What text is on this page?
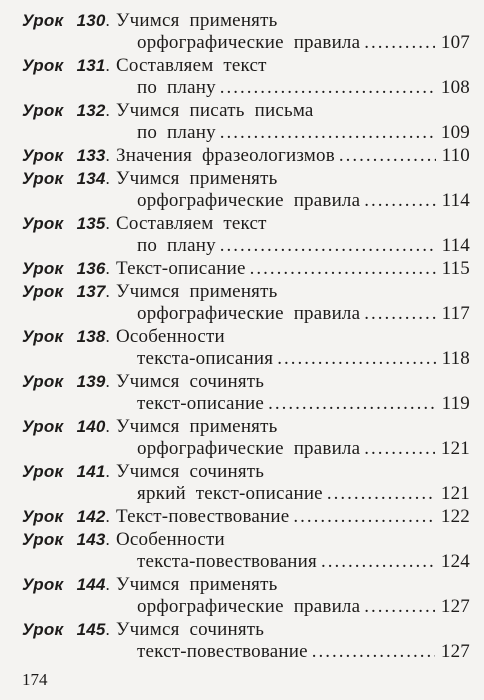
Урок 130. Учимся применять
орфографические правила .....	107
Урок 131. Составляем текст
по плану .....	108
Урок 132. Учимся писать письма
по плану .....	109
Урок 133. Значения фразеологизмов .....	110
Урок 134. Учимся применять
орфографические правила .....	114
Урок 135. Составляем текст
по плану .....	114
Урок 136. Текст-описание .....	115
Урок 137. Учимся применять
орфографические правила .....	117
Урок 138. Особенности
текста-описания .....	118
Урок 139. Учимся сочинять
текст-описание .....	119
Урок 140. Учимся применять
орфографические правила .....	121
Урок 141. Учимся сочинять
яркий текст-описание .....	121
Урок 142. Текст-повествование .....	122
Урок 143. Особенности
текста-повествования .....	124
Урок 144. Учимся применять
орфографические правила .....	127
Урок 145. Учимся сочинять
текст-повествование .....	127
174
